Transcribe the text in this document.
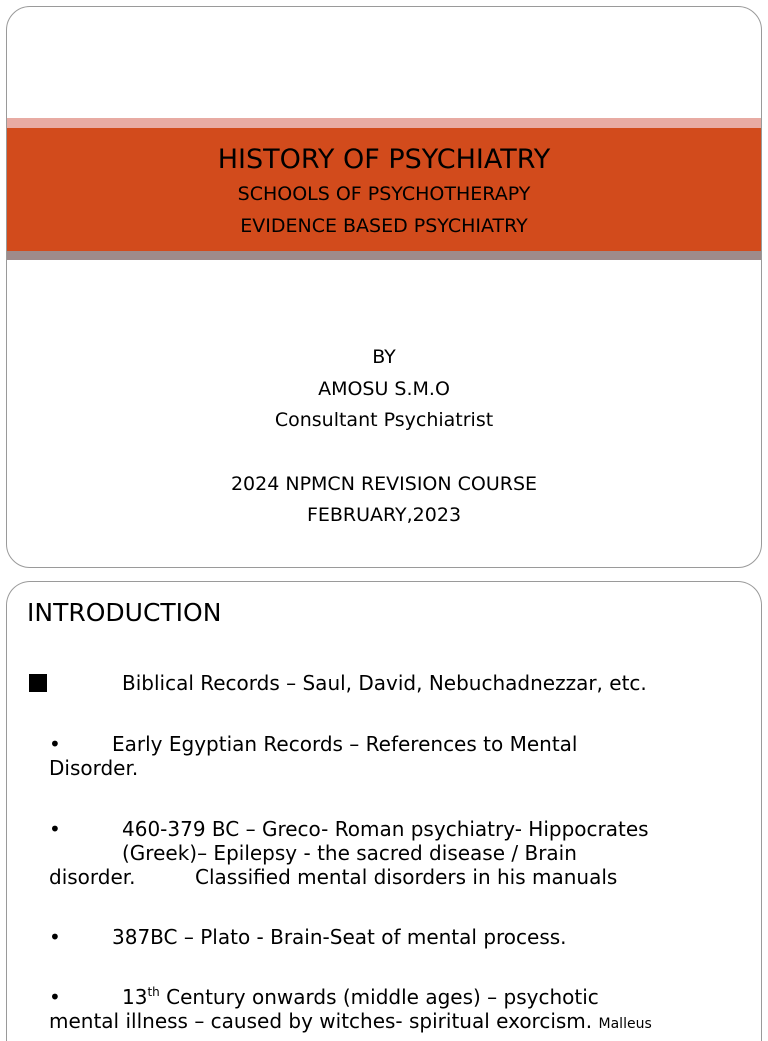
HISTORY OF PSYCHIATRY
SCHOOLS OF PSYCHOTHERAPY
EVIDENCE BASED PSYCHIATRY
BY
AMOSU S.M.O
Consultant Psychiatrist
2024 NPMCN REVISION COURSE
FEBRUARY,2023
INTRODUCTION
Biblical Records – Saul, David, Nebuchadnezzar, etc.
•	Early Egyptian Records – References to Mental
Disorder.
•	460-379 BC – Greco- Roman psychiatry- Hippocrates
(Greek)– Epilepsy - the sacred disease / Brain
disorder.	Classified mental disorders in his manuals
•	387BC – Plato - Brain-Seat of mental process.
•	13th Century onwards (middle ages) – psychotic
mental illness – caused by witches- spiritual exorcism. Malleus
